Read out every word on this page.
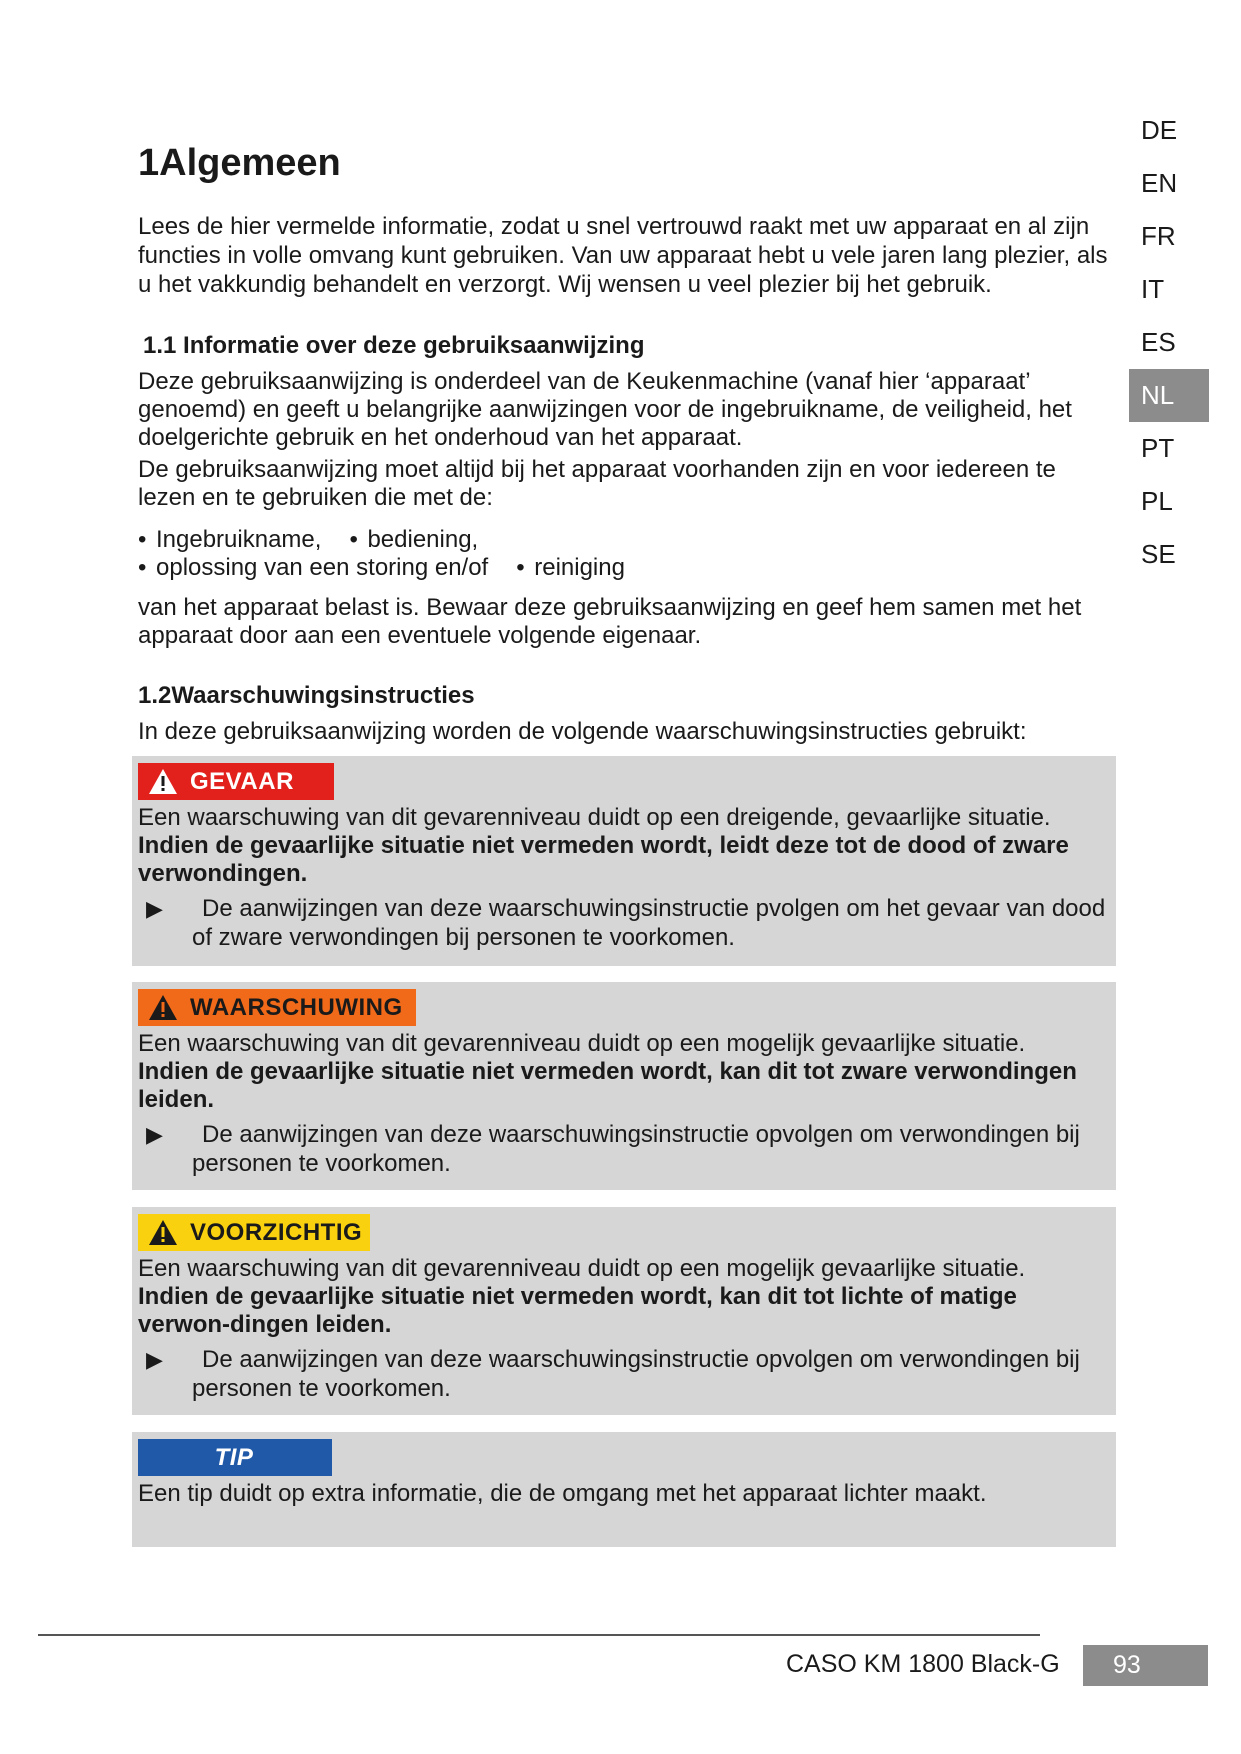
1Algemeen

Lees de hier vermelde informatie, zodat u snel vertrouwd raakt met uw apparaat en al zijn functies in volle omvang kunt gebruiken. Van uw apparaat hebt u vele jaren lang plezier, als u het vakkundig behandelt en verzorgt. Wij wensen u veel plezier bij het gebruik.

DE
EN
FR
IT
ES
NL
PT
PL
SE
1.1 Informatie over deze gebruiksaanwijzing

Deze gebruiksaanwijzing is onderdeel van de Keukenmachine (vanaf hier ‘apparaat’ genoemd) en geeft u belangrijke aanwijzingen voor de ingebruikname, de veiligheid, het doelgerichte gebruik en het onderhoud van het apparaat.

De gebruiksaanwijzing moet altijd bij het apparaat voorhanden zijn en voor iedereen te lezen en te gebruiken die met de:

• Ingebruikname, • bediening,
• oplossing van een storing en/of • reiniging

van het apparaat belast is. Bewaar deze gebruiksaanwijzing en geef hem samen met het apparaat door aan een eventuele volgende eigenaar.

1.2Waarschuwingsinstructies

In deze gebruiksaanwijzing worden de volgende waarschuwingsinstructies gebruikt:

GEVAAR
Een waarschuwing van dit gevarenniveau duidt op een dreigende, gevaarlijke situatie.
Indien de gevaarlijke situatie niet vermeden wordt, leidt deze tot de dood of zware verwondingen.
▶	De aanwijzingen van deze waarschuwingsinstructie pvolgen om het gevaar van dood
of zware verwondingen bij personen te voorkomen.
WAARSCHUWING
Een waarschuwing van dit gevarenniveau duidt op een mogelijk gevaarlijke situatie.
Indien de gevaarlijke situatie niet vermeden wordt, kan dit tot zware verwondingen leiden.
▶	De aanwijzingen van deze waarschuwingsinstructie opvolgen om verwondingen bij
personen te voorkomen.
VOORZICHTIG
Een waarschuwing van dit gevarenniveau duidt op een mogelijk gevaarlijke situatie.
Indien de gevaarlijke situatie niet vermeden wordt, kan dit tot lichte of matige verwon-dingen leiden.
▶	De aanwijzingen van deze waarschuwingsinstructie opvolgen om verwondingen bij
personen te voorkomen.
TIP
Een tip duidt op extra informatie, die de omgang met het apparaat lichter maakt.
CASO KM 1800 Black-G	93
